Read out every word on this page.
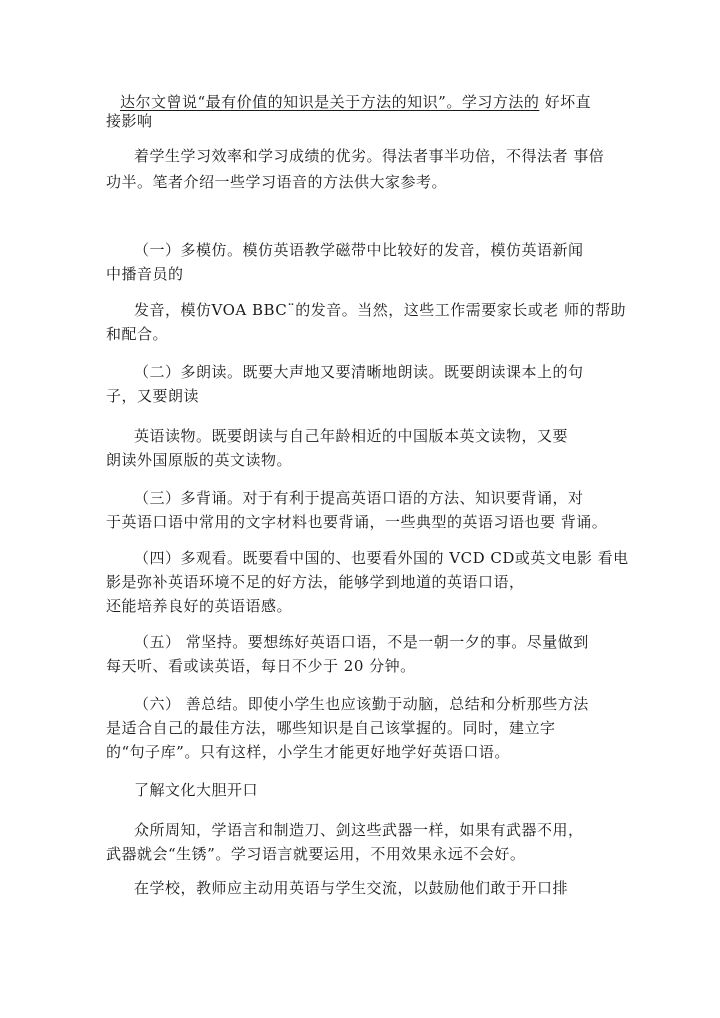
达尔文曾说“最有价值的知识是关于方法的知识”。学习方法的 好坏直
接影响
着学生学习效率和学习成绩的优劣。得法者事半功倍，不得法者 事倍
功半。笔者介绍一些学习语音的方法供大家参考。
（一）多模仿。模仿英语教学磁带中比较好的发音，模仿英语新闻
中播音员的
发音，模仿VOA BBC¨的发音。当然，这些工作需要家长或老 师的帮助
和配合。
（二）多朗读。既要大声地又要清晰地朗读。既要朗读课本上的句
子，又要朗读
英语读物。既要朗读与自己年龄相近的中国版本英文读物，又要
朗读外国原版的英文读物。
（三）多背诵。对于有利于提高英语口语的方法、知识要背诵，对
于英语口语中常用的文字材料也要背诵，一些典型的英语习语也要 背诵。
（四）多观看。既要看中国的、也要看外国的 VCD CD或英文电影 看电
影是弥补英语环境不足的好方法，能够学到地道的英语口语，
还能培养良好的英语语感。
（五） 常坚持。要想练好英语口语，不是一朝一夕的事。尽量做到
每天听、看或读英语，每日不少于 20 分钟。
（六） 善总结。即使小学生也应该勤于动脑，总结和分析那些方法
是适合自己的最佳方法，哪些知识是自己该掌握的。同时，建立字
的“句子库”。只有这样，小学生才能更好地学好英语口语。
了解文化大胆开口
众所周知，学语言和制造刀、剑这些武器一样，如果有武器不用，
武器就会“生锈”。学习语言就要运用，不用效果永远不会好。
在学校，教师应主动用英语与学生交流，以鼓励他们敢于开口排
